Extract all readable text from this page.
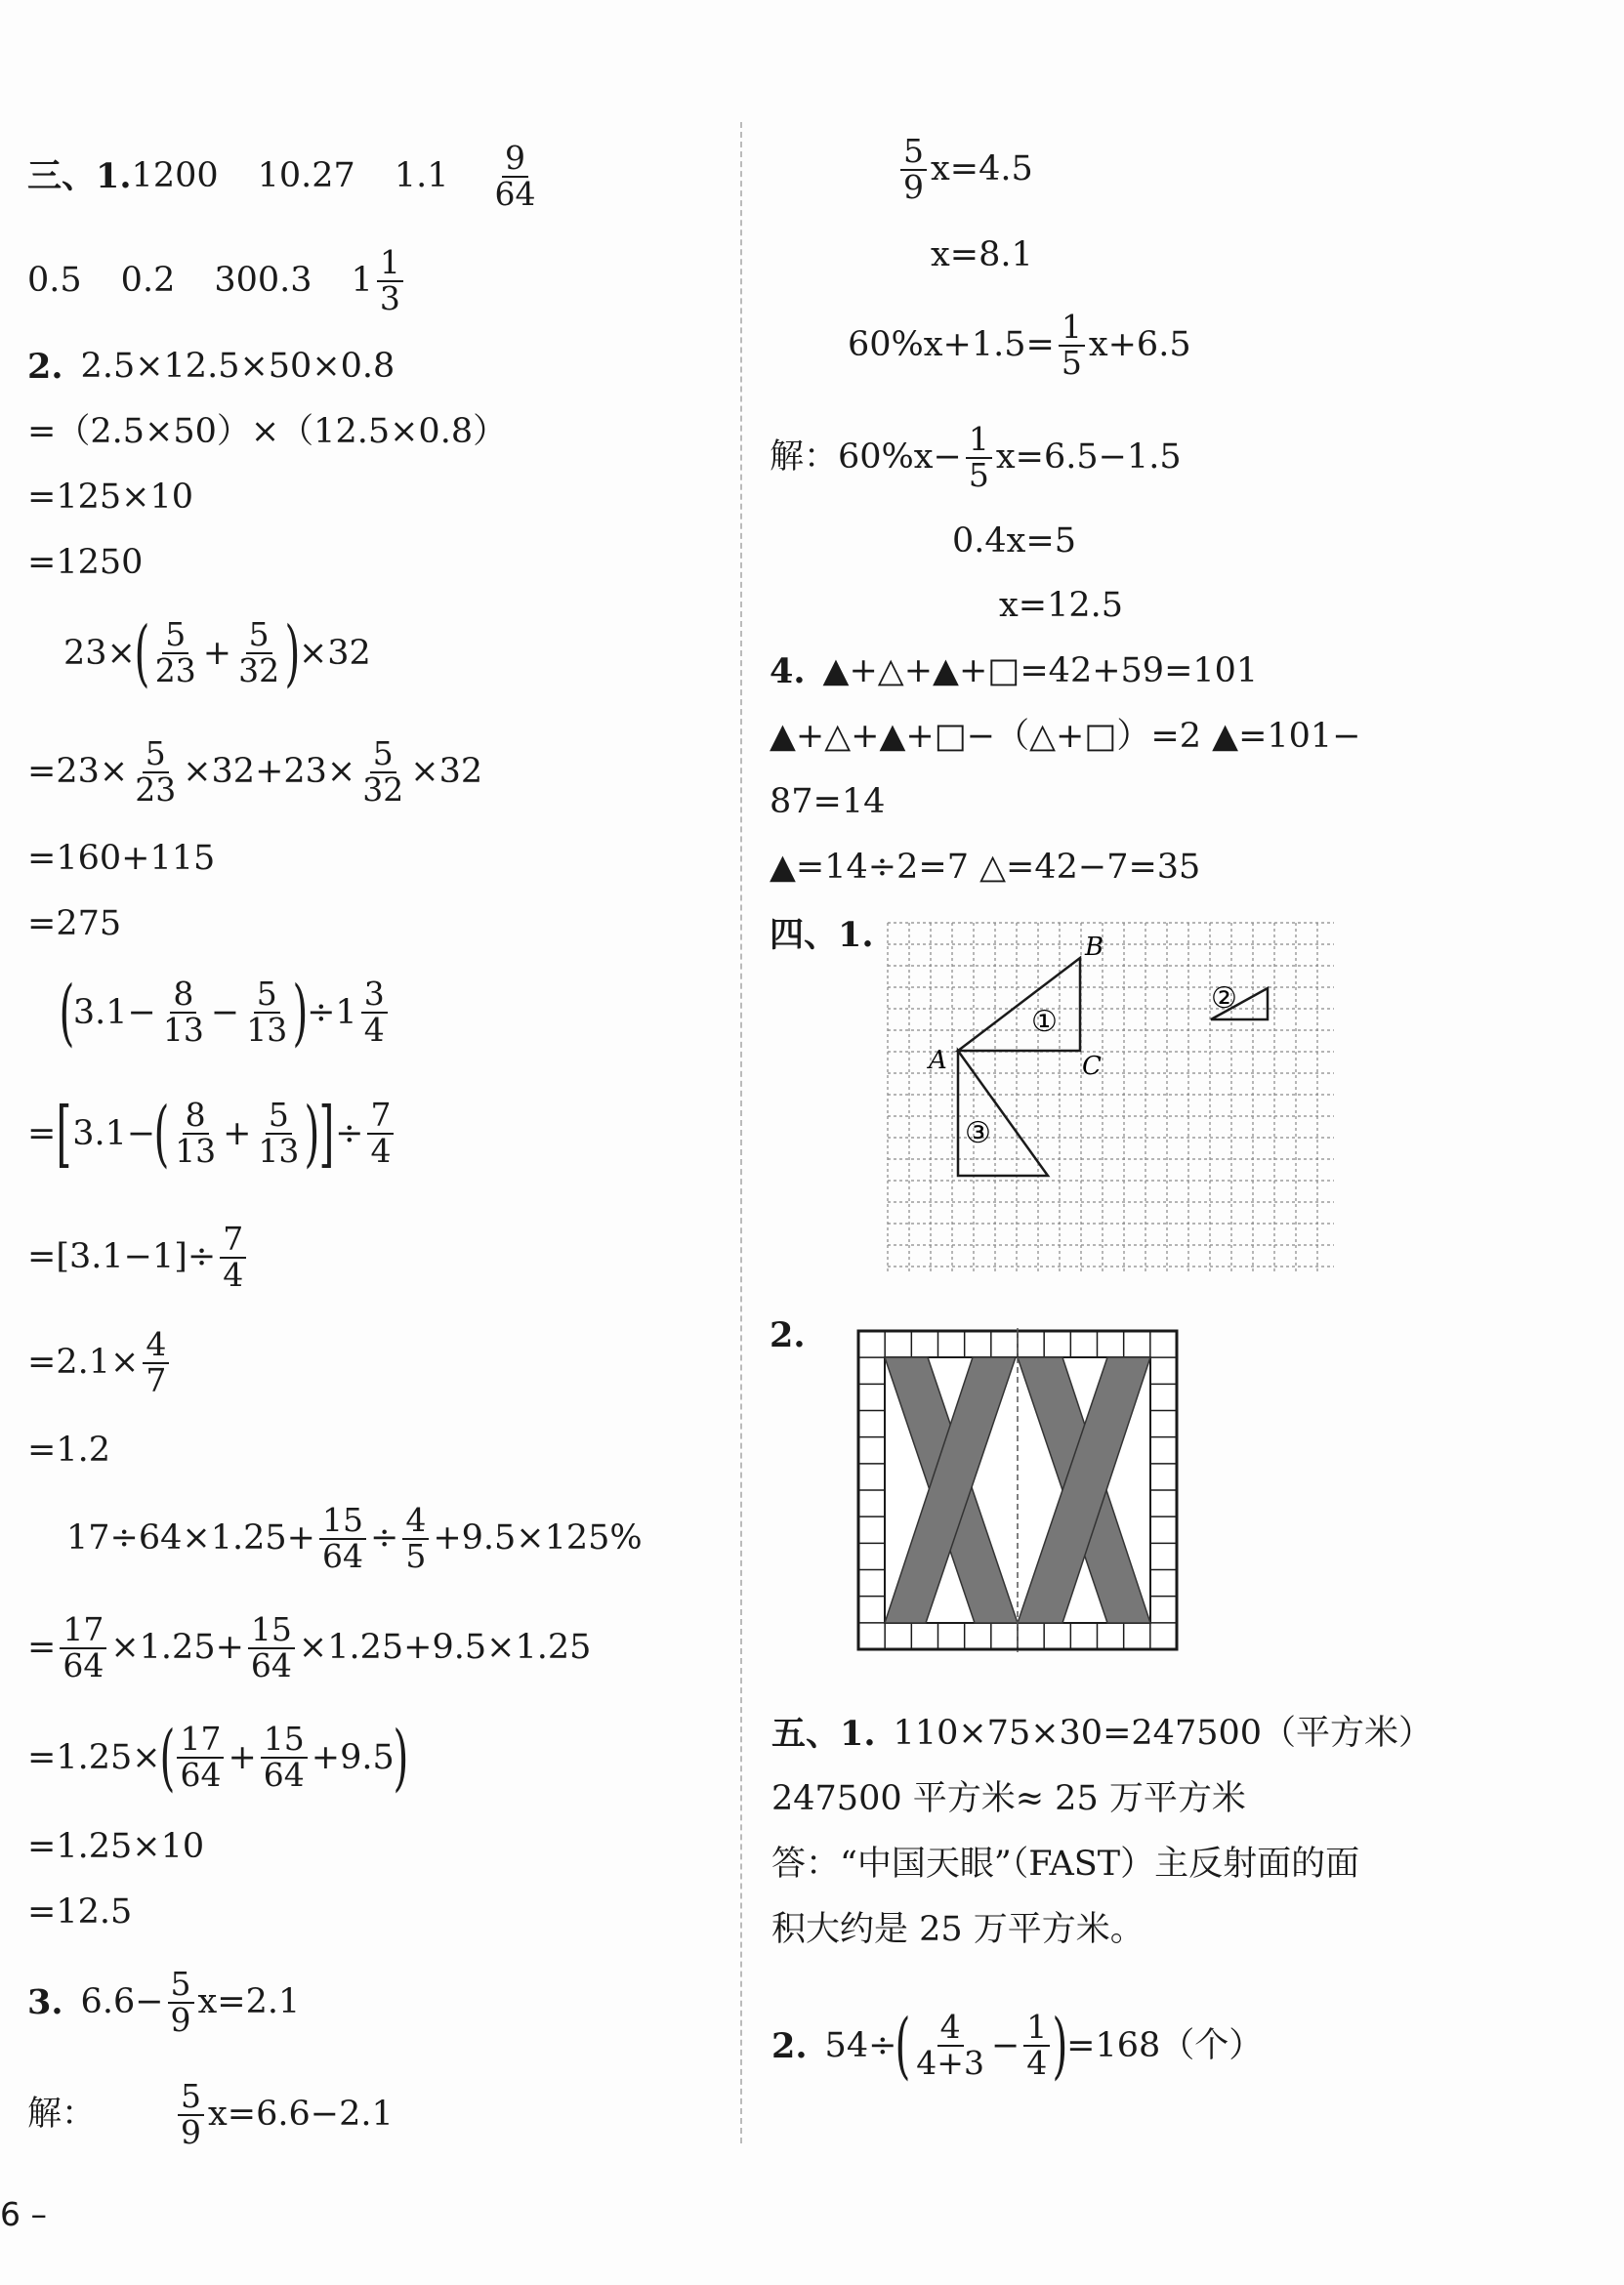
三、1. 1200 10.27 $1.1 \frac{9}{64}$
0.5 0.2 300.3 $1 \frac{1}{3}$
2. 2.5×12.5×50×0.8
=（2.5×50）×（12.5×0.8）
=125×10
=1250
23×
( $\frac{5}{23} + \frac{5}{32}$ )
×32
$=23\times \frac{5}{23} \times 32+23\times \frac{5}{32} \times 32$
=160+115
=275
(
$3.1- \frac{8}{13} - \frac{5}{13}$ )
$\div 1 \frac{3}{4}$
= [ 3.1−
( $\frac{8}{13} + \frac{5}{13}$ )
] ÷ $\frac{7}{4}$
$=[3.1-1]\div \frac{7}{4}$
$=2.1\times \frac{4}{7}$
=1.2
$17\div 64\times 1.25+ \frac{15}{64} \div \frac{4}{5} +9.5\times 125\%$
= $\frac{17}{64} \times 1.25+ \frac{15}{64} \times 1.25+9.5\times 1.25$
=1.25×
( $\frac{17}{64} + \frac{15}{64} +9.5$
)
=1.25×10
=12.5
3. $6.6- \frac{5}{9} x=2.1$
解：	$\frac{5}{9} x=6.6-2.1$
$\frac{5}{9} x=4.5$
x=8.1
$60\%x+1.5= \frac{1}{5} x+6.5$
解： $60\%x- \frac{1}{5} x=6.5-1.5$
0.4x=5
x=12.5
4. ▲+△+▲+□=42+59=101
▲+△+▲+□−（△+□）=2 ▲=101−
87=14
▲=14÷2=7 △=42−7=35
四、1.	B
A	C
①
②
③
2.
五、1. 110×75×30=247500（平方米）
247500 平方米≈ 25 万平方米
答：“中国天眼”（FAST）主反射面的面
积大约是 25 万平方米。
2. 54÷
( $\frac{4}{4+3} - \frac{1}{4}$ )
=168（个）
6 –
